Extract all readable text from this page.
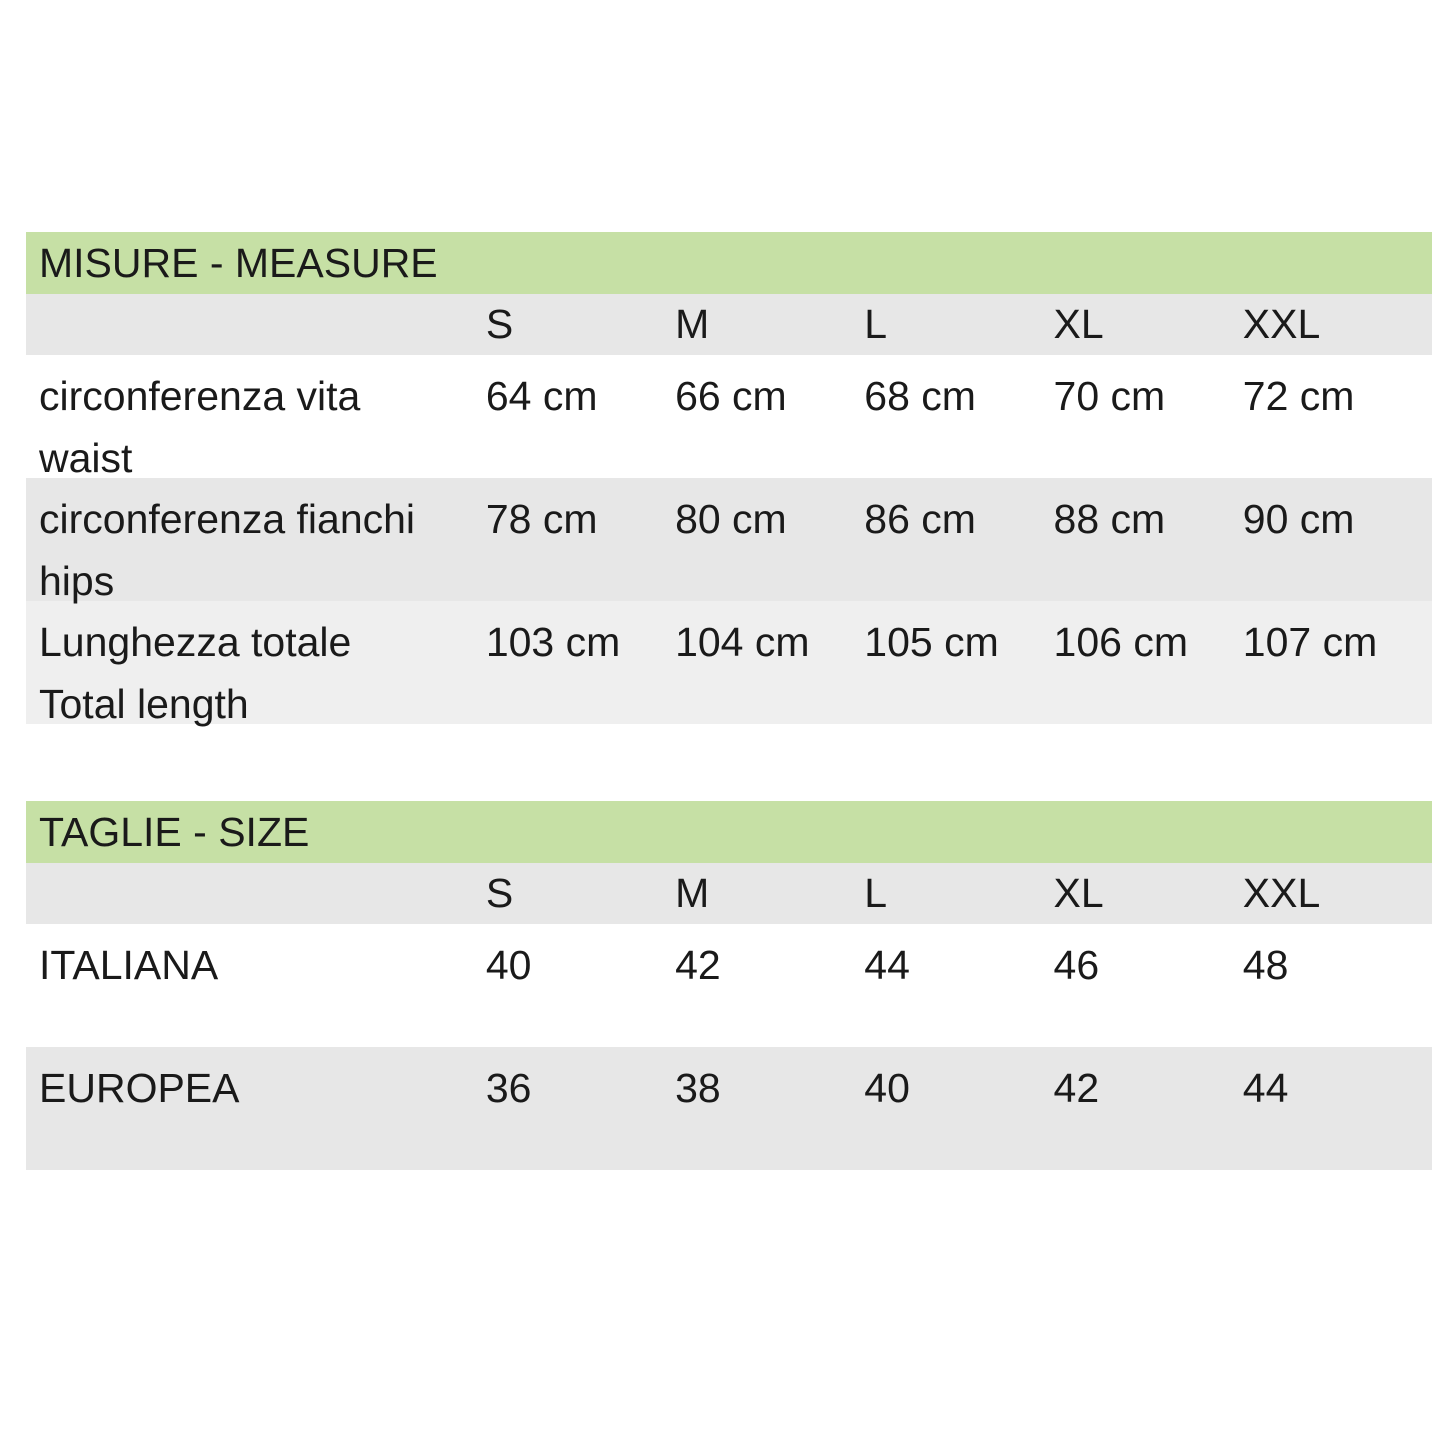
MISURE - MEASURE
S	M	L	XL	XXL
circonferenza vita
waist
64 cm	66 cm	68 cm	70 cm	72 cm
circonferenza fianchi
hips
78 cm	80 cm	86 cm	88 cm	90 cm
Lunghezza totale
Total length
103 cm	104 cm	105 cm	106 cm	107 cm
TAGLIE - SIZE
S	M	L	XL	XXL
ITALIANA	40	42	44	46	48
EUROPEA	36	38	40	42	44
